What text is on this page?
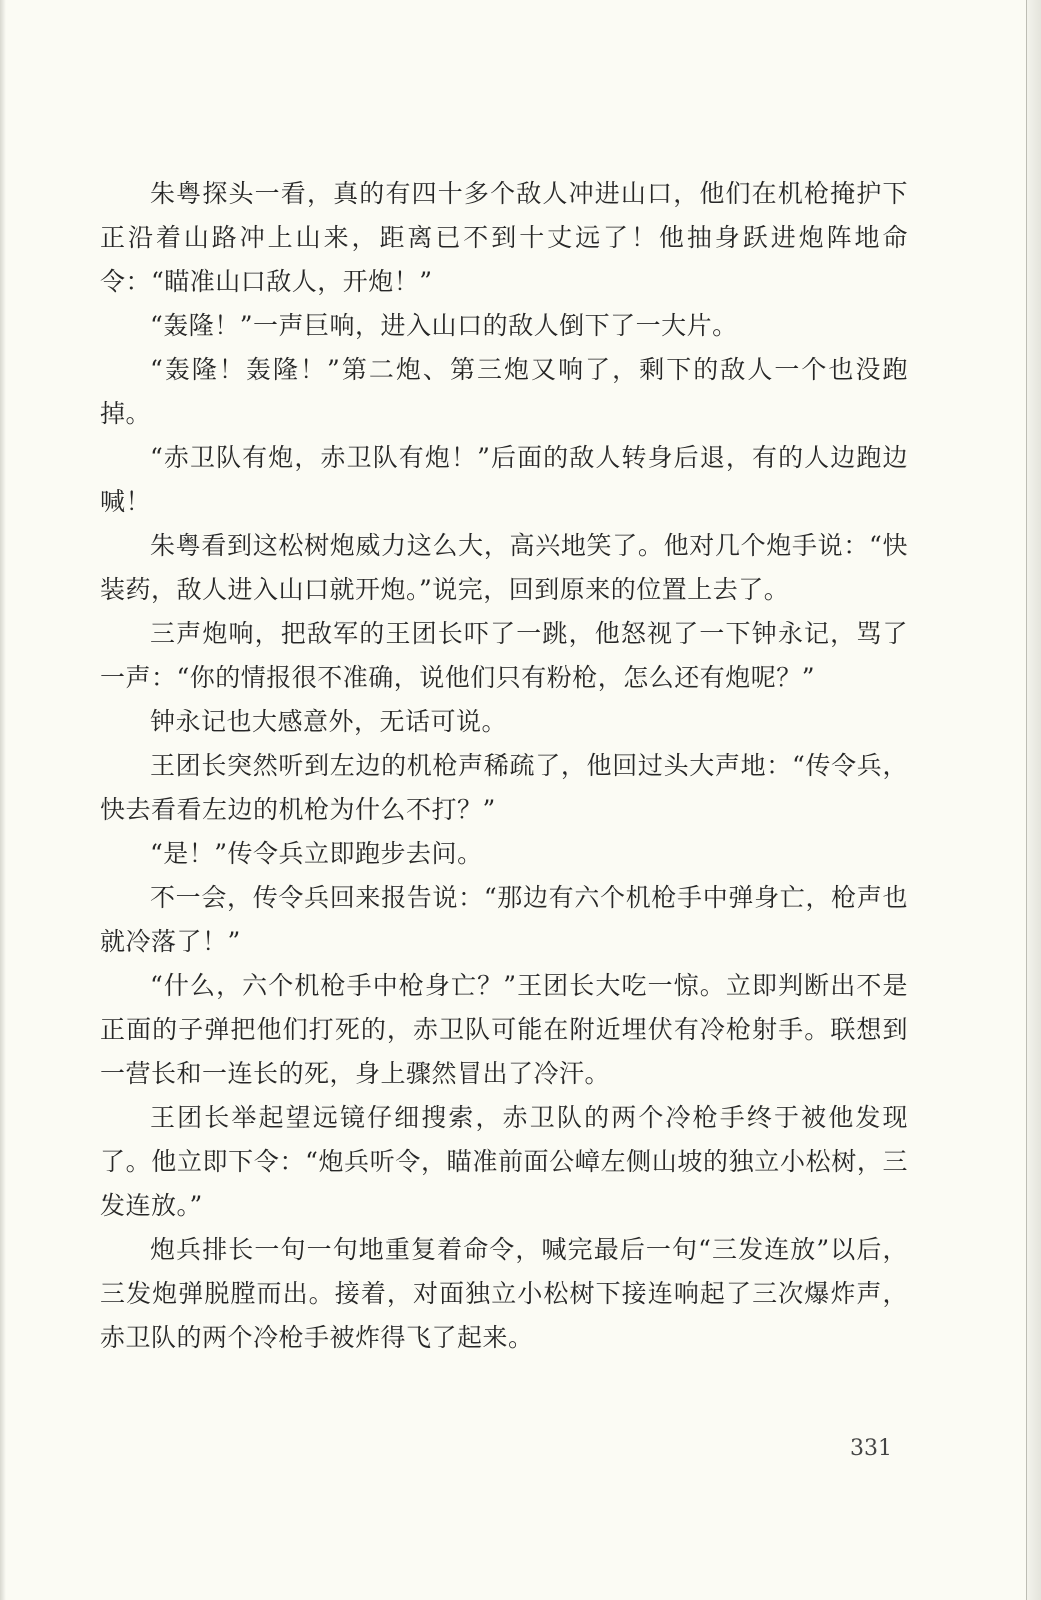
朱粤探头一看，真的有四十多个敌人冲进山口，他们在机枪掩护下正沿着山路冲上山来，距离已不到十丈远了！他抽身跃进炮阵地命令：“瞄准山口敌人，开炮！”

“轰隆！”一声巨响，进入山口的敌人倒下了一大片。

“轰隆！轰隆！”第二炮、第三炮又响了，剩下的敌人一个也没跑掉。

“赤卫队有炮，赤卫队有炮！”后面的敌人转身后退，有的人边跑边喊！

朱粤看到这松树炮威力这么大，高兴地笑了。他对几个炮手说：“快装药，敌人进入山口就开炮。”说完，回到原来的位置上去了。

三声炮响，把敌军的王团长吓了一跳，他怒视了一下钟永记，骂了一声：“你的情报很不准确，说他们只有粉枪，怎么还有炮呢？”

钟永记也大感意外，无话可说。

王团长突然听到左边的机枪声稀疏了，他回过头大声地：“传令兵，快去看看左边的机枪为什么不打？”

“是！”传令兵立即跑步去问。

不一会，传令兵回来报告说：“那边有六个机枪手中弹身亡，枪声也就冷落了！”

“什么，六个机枪手中枪身亡？”王团长大吃一惊。立即判断出不是正面的子弹把他们打死的，赤卫队可能在附近埋伏有冷枪射手。联想到一营长和一连长的死，身上骤然冒出了冷汗。

王团长举起望远镜仔细搜索，赤卫队的两个冷枪手终于被他发现了。他立即下令：“炮兵听令，瞄准前面公嶂左侧山坡的独立小松树，三发连放。”

炮兵排长一句一句地重复着命令，喊完最后一句“三发连放”以后，三发炮弹脱膛而出。接着，对面独立小松树下接连响起了三次爆炸声，赤卫队的两个冷枪手被炸得飞了起来。

331
